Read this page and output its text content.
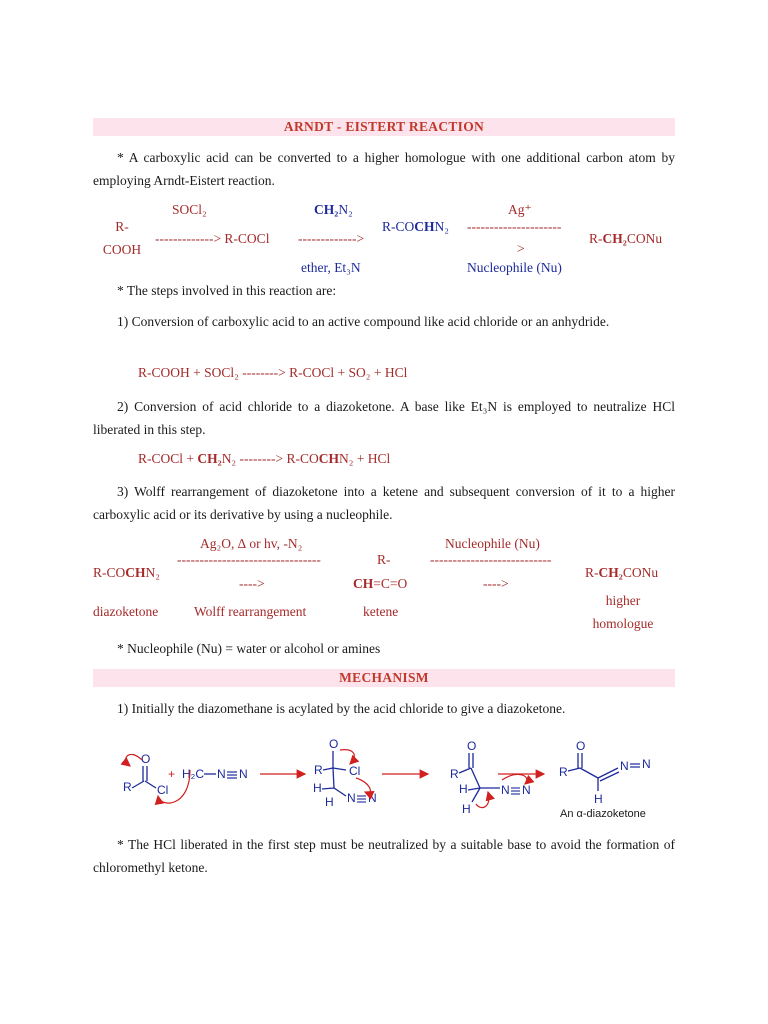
ARNDT - EISTERT REACTION
* A carboxylic acid can be converted to a higher homologue with one additional carbon atom by employing Arndt-Eistert reaction.
R-
COOH
SOCl₂
-------------> R-COCl
CH₂N₂
------------->
ether, Et₃N
R-COCHN₂
Ag⁺
---------------------
>
Nucleophile (Nu)
R-CH₂CONu
* The steps involved in this reaction are:
1) Conversion of carboxylic acid to an active compound like acid chloride or an anhydride.
R-COOH + SOCl₂ --------> R-COCl + SO₂ + HCl
2) Conversion of acid chloride to a diazoketone. A base like Et₃N is employed to neutralize HCl liberated in this step.
R-COCl + CH₂N₂ --------> R-COCHN₂ + HCl
3) Wolff rearrangement of diazoketone into a ketene and subsequent conversion of it to a higher carboxylic acid or its derivative by using a nucleophile.
R-COCHN₂
diazoketone
Ag₂O, ∆ or hv, -N₂
--------------------------------
---->
Wolff rearrangement
R-
CH=C=O
ketene
Nucleophile (Nu)
---------------------------
---->
R-CH₂CONu
higher
homologue
* Nucleophile (Nu) = water or alcohol or amines
MECHANISM
1) Initially the diazomethane is acylated by the acid chloride to give a diazoketone.
O
R Cl
+ H₂C N N
O
R Cl
H
H N N
O
R
H
H
N N
O
R
H
N N
An α-diazoketone
* The HCl liberated in the first step must be neutralized by a suitable base to avoid the formation of chloromethyl ketone.
